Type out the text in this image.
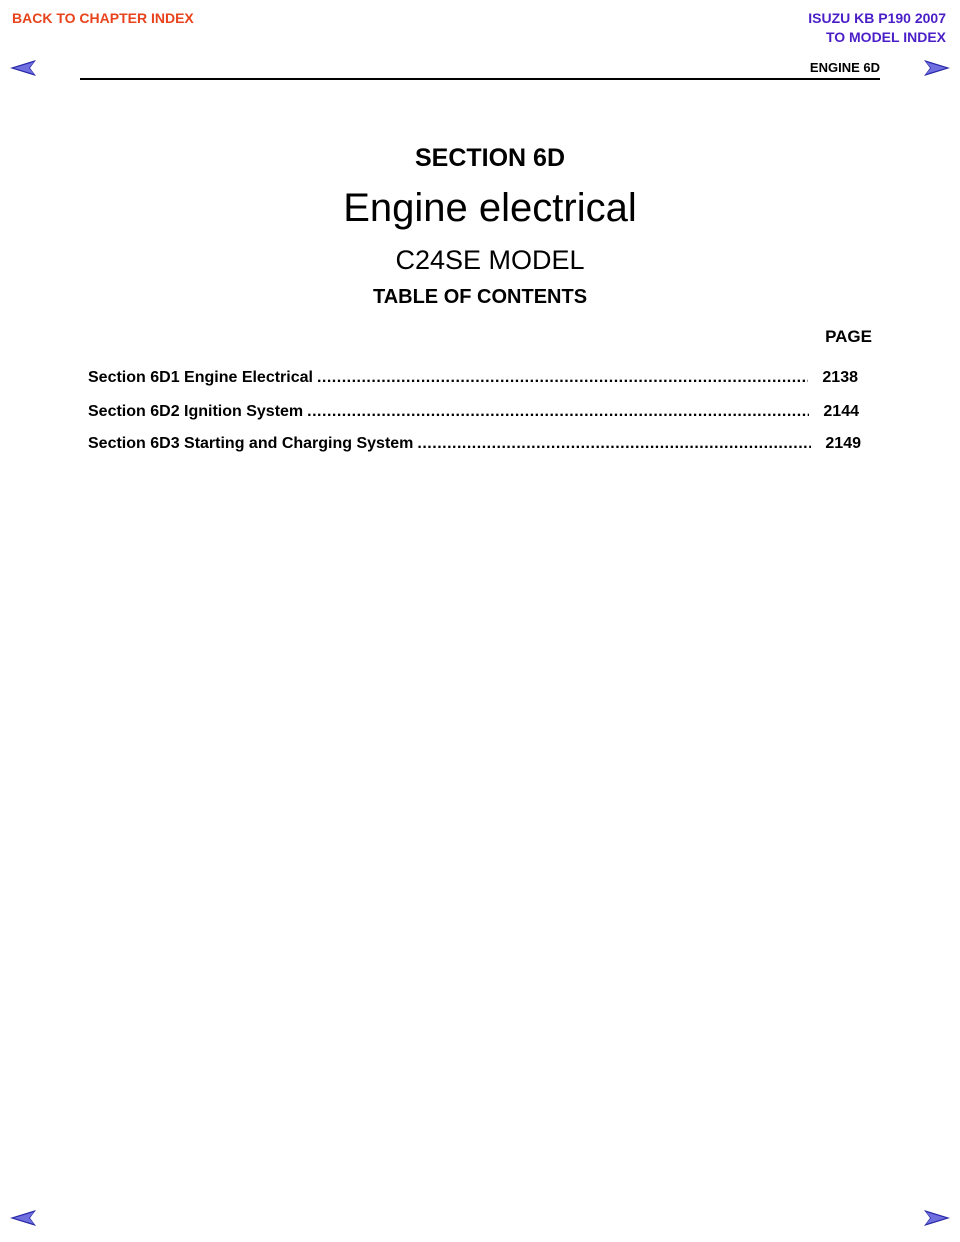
BACK TO CHAPTER INDEX	ISUZU KB P190 2007
TO MODEL INDEX
ENGINE 6D
SECTION 6D
Engine electrical
C24SE MODEL
TABLE OF CONTENTS
PAGE
Section 6D1 Engine Electrical .....	2138
Section 6D2 Ignition System .....	2144
Section 6D3 Starting and Charging System .....	2149
